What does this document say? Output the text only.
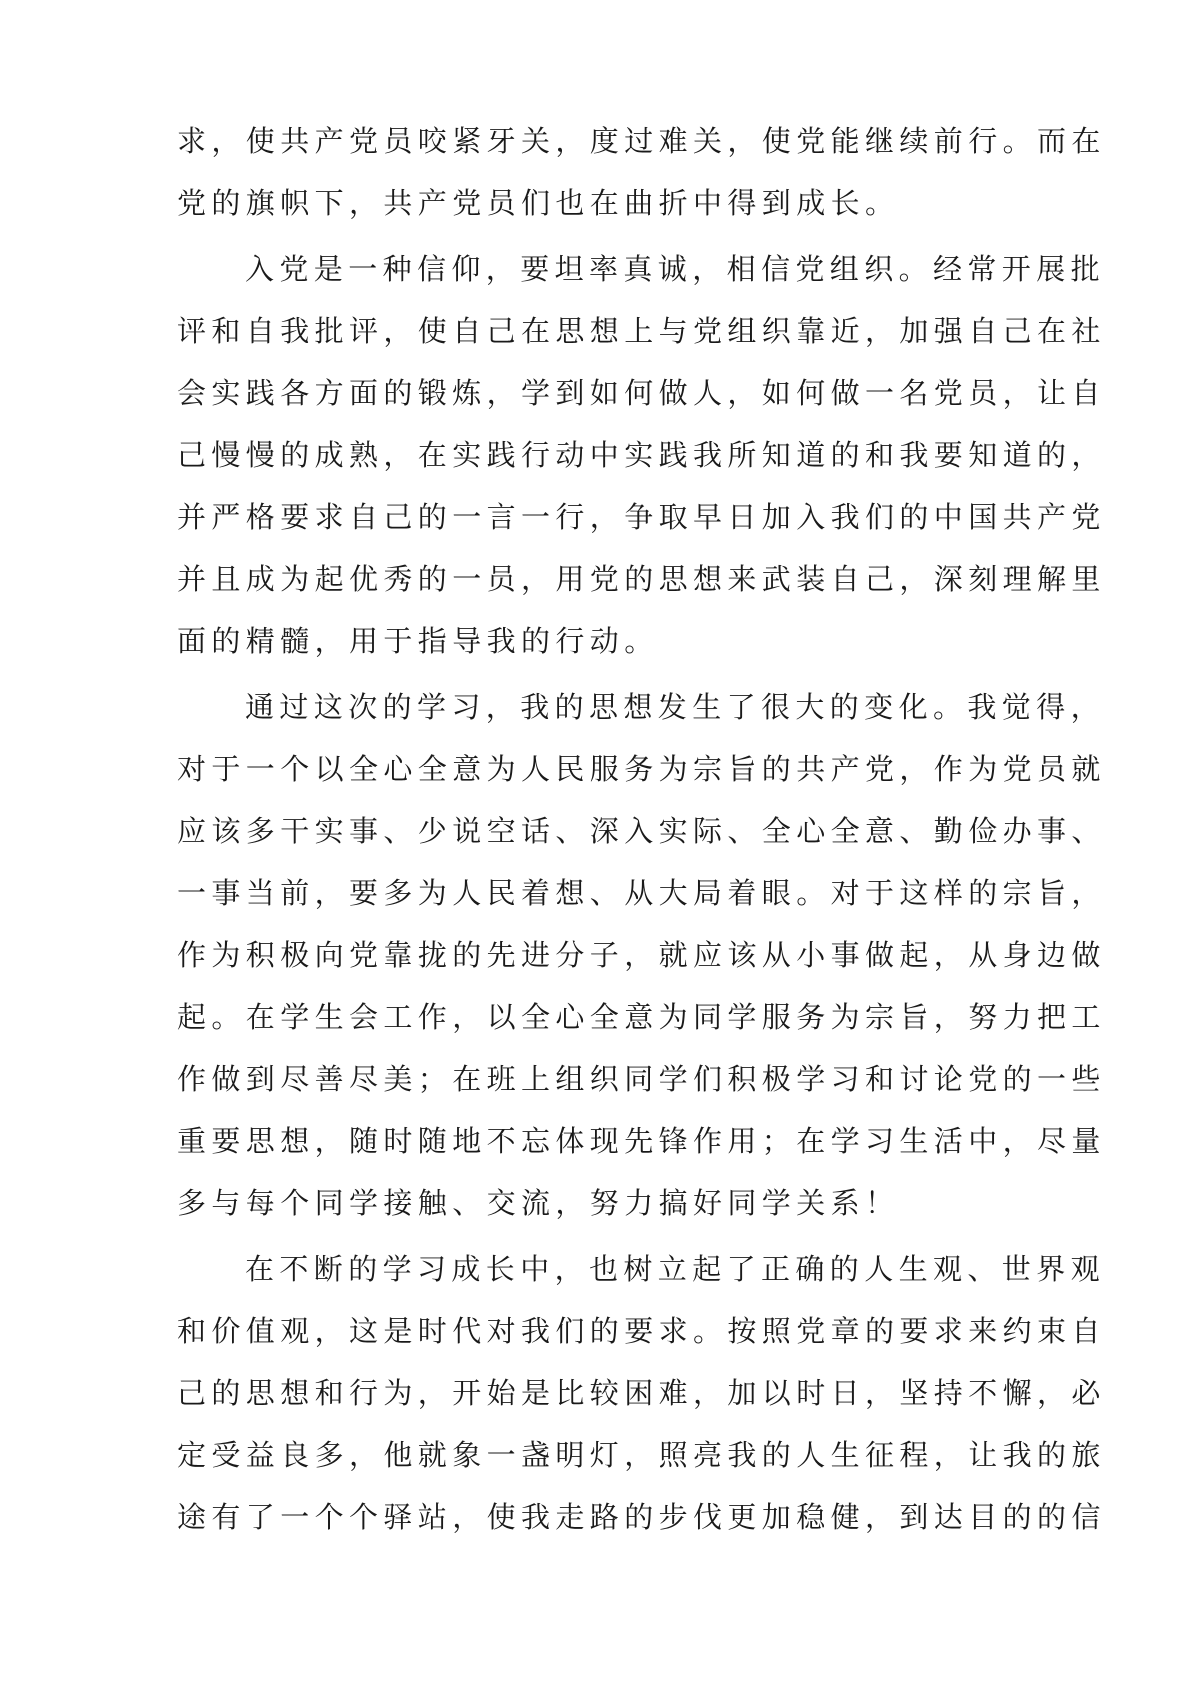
求，使共产党员咬紧牙关，度过难关，使党能继续前行。而在
党的旗帜下，共产党员们也在曲折中得到成长。
入党是一种信仰，要坦率真诚，相信党组织。经常开展批
评和自我批评，使自己在思想上与党组织靠近，加强自己在社
会实践各方面的锻炼，学到如何做人，如何做一名党员，让自
己慢慢的成熟，在实践行动中实践我所知道的和我要知道的，
并严格要求自己的一言一行，争取早日加入我们的中国共产党
并且成为起优秀的一员，用党的思想来武装自己，深刻理解里
面的精髓，用于指导我的行动。
通过这次的学习，我的思想发生了很大的变化。我觉得，
对于一个以全心全意为人民服务为宗旨的共产党，作为党员就
应该多干实事、少说空话、深入实际、全心全意、勤俭办事、
一事当前，要多为人民着想、从大局着眼。对于这样的宗旨，
作为积极向党靠拢的先进分子，就应该从小事做起，从身边做
起。在学生会工作，以全心全意为同学服务为宗旨，努力把工
作做到尽善尽美；在班上组织同学们积极学习和讨论党的一些
重要思想，随时随地不忘体现先锋作用；在学习生活中，尽量
多与每个同学接触、交流，努力搞好同学关系！
在不断的学习成长中，也树立起了正确的人生观、世界观
和价值观，这是时代对我们的要求。按照党章的要求来约束自
己的思想和行为，开始是比较困难，加以时日，坚持不懈，必
定受益良多，他就象一盏明灯，照亮我的人生征程，让我的旅
途有了一个个驿站，使我走路的步伐更加稳健，到达目的的信
